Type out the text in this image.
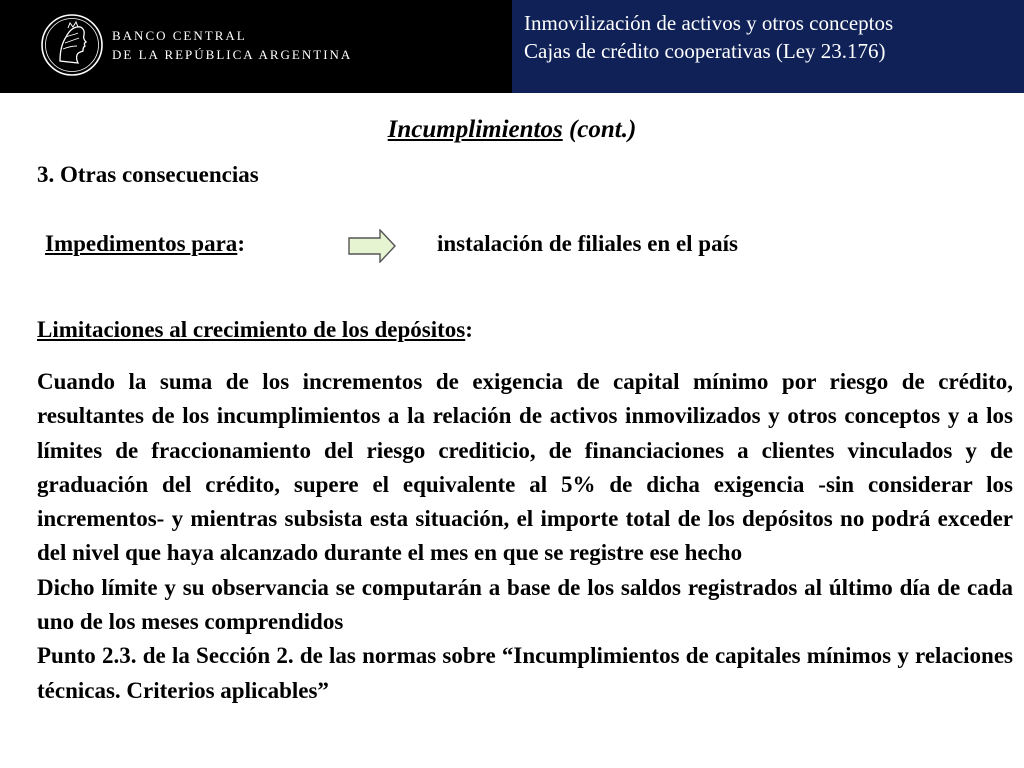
BANCO CENTRAL
DE LA REPÚBLICA ARGENTINA
Inmovilización de activos y otros conceptos
Cajas de crédito cooperativas (Ley 23.176)
Incumplimientos (cont.)
3. Otras consecuencias
Impedimentos para:	instalación de filiales en el país
Limitaciones al crecimiento de los depósitos:

Cuando la suma de los incrementos de exigencia de capital mínimo por riesgo de crédito, resultantes de los incumplimientos a la relación de activos inmovilizados y otros conceptos y a los límites de fraccionamiento del riesgo crediticio, de financiaciones a clientes vinculados y de graduación del crédito, supere el equivalente al 5% de dicha exigencia -sin considerar los incrementos- y mientras subsista esta situación, el importe total de los depósitos no podrá exceder del nivel que haya alcanzado durante el mes en que se registre ese hecho

Dicho límite y su observancia se computarán a base de los saldos registrados al último día de cada uno de los meses comprendidos

Punto 2.3. de la Sección 2. de las normas sobre “Incumplimientos de capitales mínimos y relaciones técnicas. Criterios aplicables”
